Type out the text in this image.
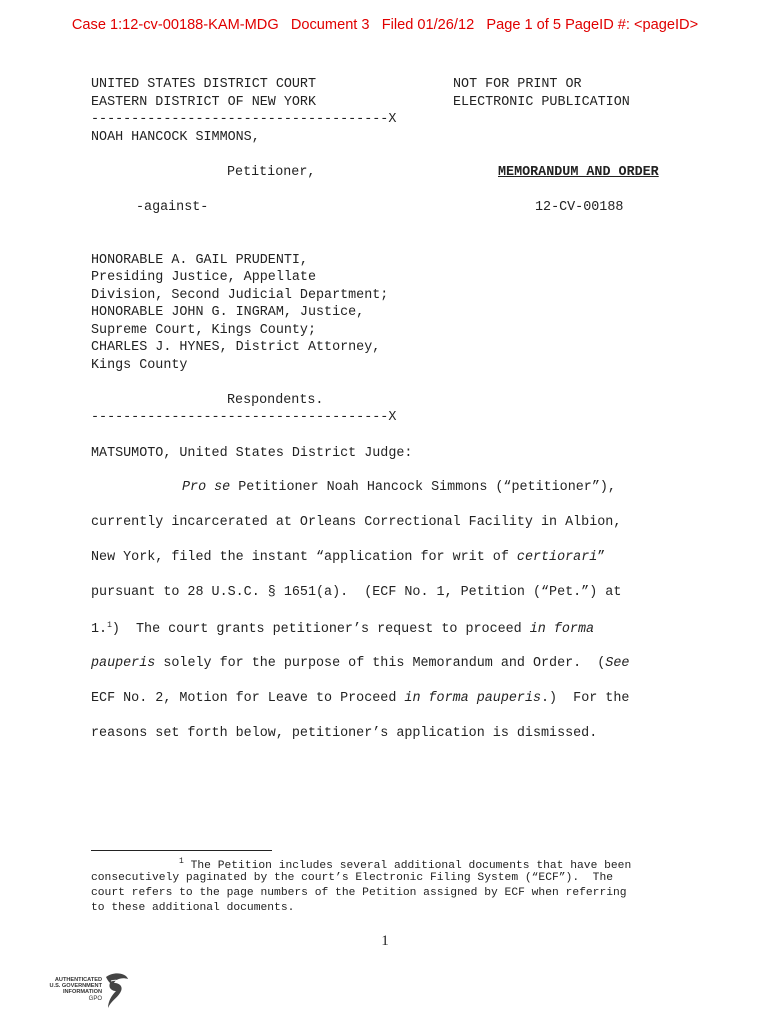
Case 1:12-cv-00188-KAM-MDG   Document 3   Filed 01/26/12   Page 1 of 5 PageID #: <pageID>
UNITED STATES DISTRICT COURT
EASTERN DISTRICT OF NEW YORK
-------------------------------------X
NOT FOR PRINT OR
ELECTRONIC PUBLICATION
NOAH HANCOCK SIMMONS,
Petitioner,	MEMORANDUM AND ORDER
-against-	12-CV-00188
HONORABLE A. GAIL PRUDENTI,
Presiding Justice, Appellate
Division, Second Judicial Department;
HONORABLE JOHN G. INGRAM, Justice,
Supreme Court, Kings County;
CHARLES J. HYNES, District Attorney,
Kings County
Respondents.
-------------------------------------X
MATSUMOTO, United States District Judge:
Pro se Petitioner Noah Hancock Simmons (“petitioner”),
currently incarcerated at Orleans Correctional Facility in Albion,
New York, filed the instant “application for writ of certiorari”
pursuant to 28 U.S.C. § 1651(a).  (ECF No. 1, Petition (“Pet.”) at
1.$^1$)  The court grants petitioner’s request to proceed in forma
pauperis solely for the purpose of this Memorandum and Order.  (See
ECF No. 2, Motion for Leave to Proceed in forma pauperis.)  For the
reasons set forth below, petitioner’s application is dismissed.
$^1$ The Petition includes several additional documents that have been
consecutively paginated by the court’s Electronic Filing System (“ECF”).  The
court refers to the page numbers of the Petition assigned by ECF when referring
to these additional documents.
1
AUTHENTICATED
U.S. GOVERNMENT
INFORMATION
GPO
